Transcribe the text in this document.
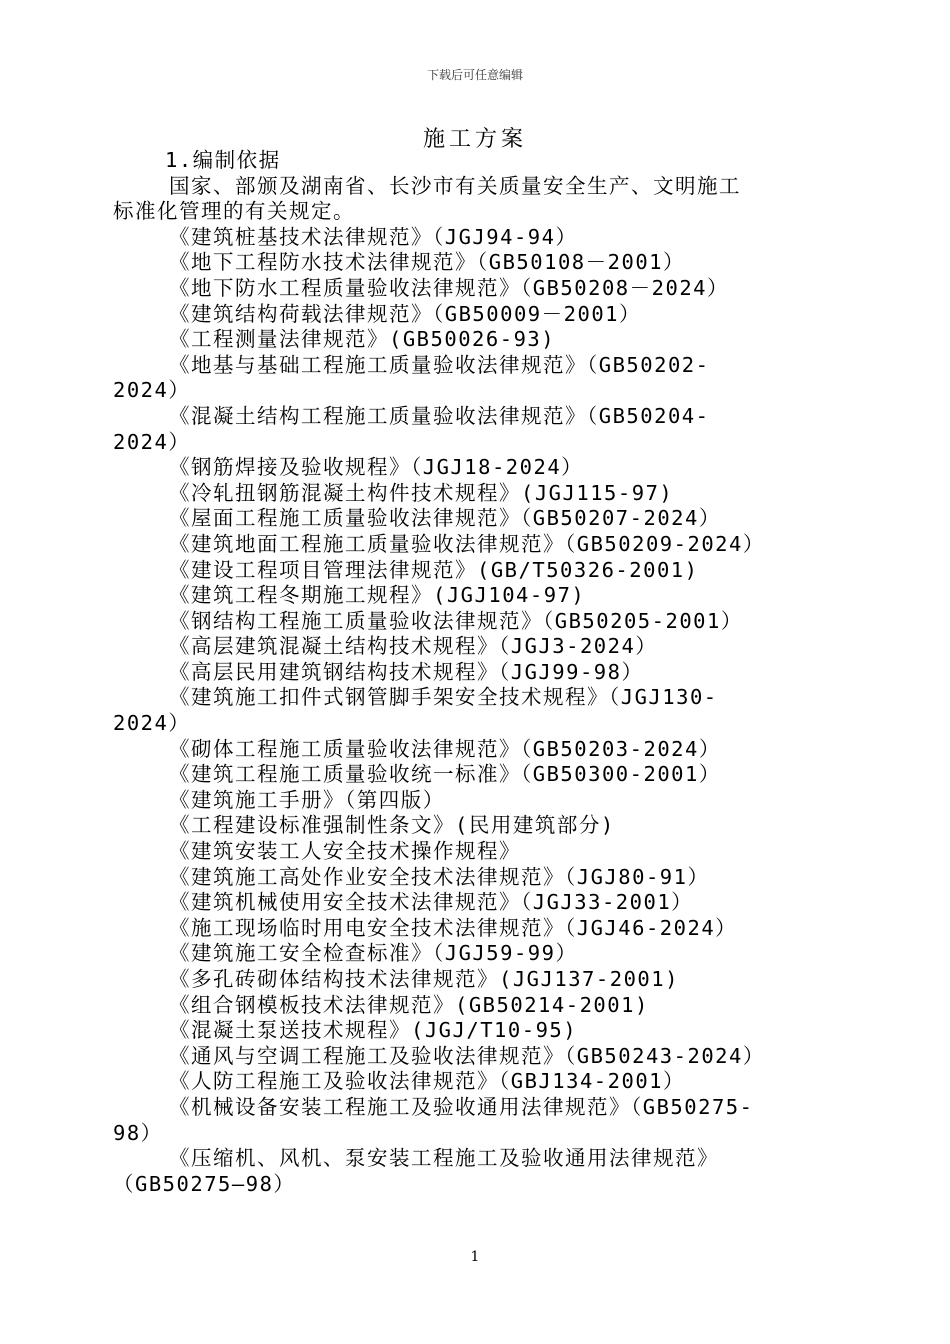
下载后可任意编辑
施工方案
1.编制依据
国家、部颁及湖南省、长沙市有关质量安全生产、文明施工
标准化管理的有关规定。
《建筑桩基技术法律规范》（JGJ94-94）
《地下工程防水技术法律规范》（GB50108－2001）
《地下防水工程质量验收法律规范》（GB50208－2024）
《建筑结构荷载法律规范》（GB50009－2001）
《工程测量法律规范》(GB50026-93)
《地基与基础工程施工质量验收法律规范》（GB50202-
2024）
《混凝土结构工程施工质量验收法律规范》（GB50204-
2024）
《钢筋焊接及验收规程》（JGJ18-2024）
《冷轧扭钢筋混凝土构件技术规程》(JGJ115-97)
《屋面工程施工质量验收法律规范》（GB50207-2024）
《建筑地面工程施工质量验收法律规范》（GB50209-2024）
《建设工程项目管理法律规范》(GB/T50326-2001)
《建筑工程冬期施工规程》(JGJ104-97)
《钢结构工程施工质量验收法律规范》（GB50205-2001）
《高层建筑混凝土结构技术规程》（JGJ3-2024）
《高层民用建筑钢结构技术规程》（JGJ99-98）
《建筑施工扣件式钢管脚手架安全技术规程》（JGJ130-
2024）
《砌体工程施工质量验收法律规范》（GB50203-2024）
《建筑工程施工质量验收统一标准》（GB50300-2001）
《建筑施工手册》（第四版）
《工程建设标准强制性条文》(民用建筑部分)
《建筑安装工人安全技术操作规程》
《建筑施工高处作业安全技术法律规范》（JGJ80-91）
《建筑机械使用安全技术法律规范》（JGJ33-2001）
《施工现场临时用电安全技术法律规范》（JGJ46-2024）
《建筑施工安全检查标准》（JGJ59-99）
《多孔砖砌体结构技术法律规范》(JGJ137-2001)
《组合钢模板技术法律规范》(GB50214-2001)
《混凝土泵送技术规程》(JGJ/T10-95)
《通风与空调工程施工及验收法律规范》（GB50243-2024）
《人防工程施工及验收法律规范》（GBJ134-2001）
《机械设备安装工程施工及验收通用法律规范》（GB50275-
98）
《压缩机、风机、泵安装工程施工及验收通用法律规范》
（GB50275—98）
1
